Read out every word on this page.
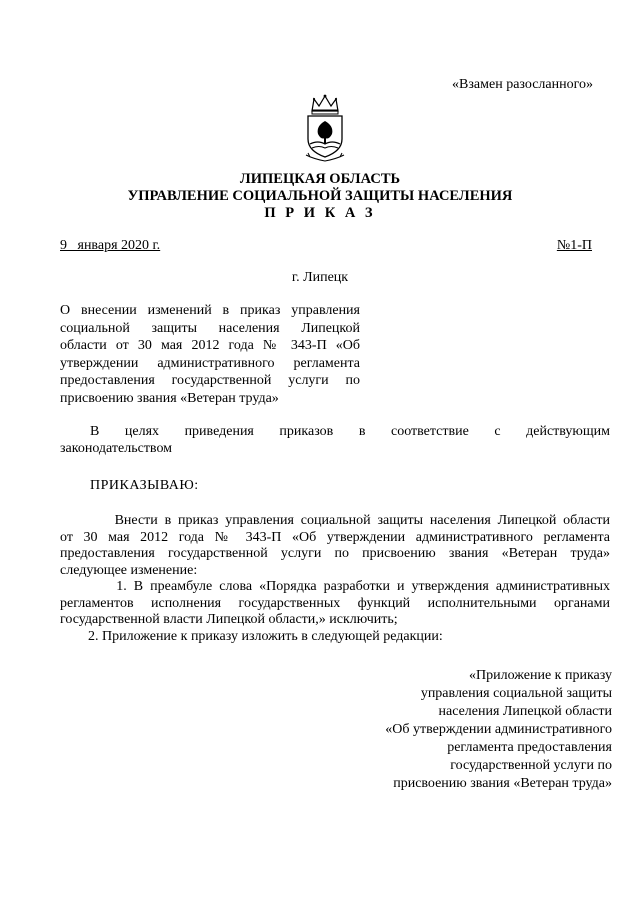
«Взамен разосланного»
ЛИПЕЦКАЯ ОБЛАСТЬ
УПРАВЛЕНИЕ СОЦИАЛЬНОЙ ЗАЩИТЫ НАСЕЛЕНИЯ
П Р И К А З
9   января 2020 г.	№1-П
г. Липецк
О внесении изменений в приказ управления
социальной защиты населения Липецкой
области от 30 мая 2012 года № 343-П «Об
утверждении административного регламента
предоставления государственной услуги по
присвоению звания «Ветеран труда»
В целях приведения приказов в соответствие с действующим
законодательством
ПРИКАЗЫВАЮ:
Внести в приказ управления социальной защиты населения Липецкой области
от 30 мая 2012 года № 343-П «Об утверждении административного регламента
предоставления государственной услуги по присвоению звания «Ветеран труда»
следующее изменение:
1. В преамбуле слова «Порядка разработки и утверждения административных
регламентов исполнения государственных функций исполнительными органами
государственной власти Липецкой области,» исключить;
2. Приложение к приказу изложить в следующей редакции:
«Приложение к приказу
управления социальной защиты
населения Липецкой области
«Об утверждении административного
регламента предоставления
государственной услуги по
присвоению звания «Ветеран труда»
